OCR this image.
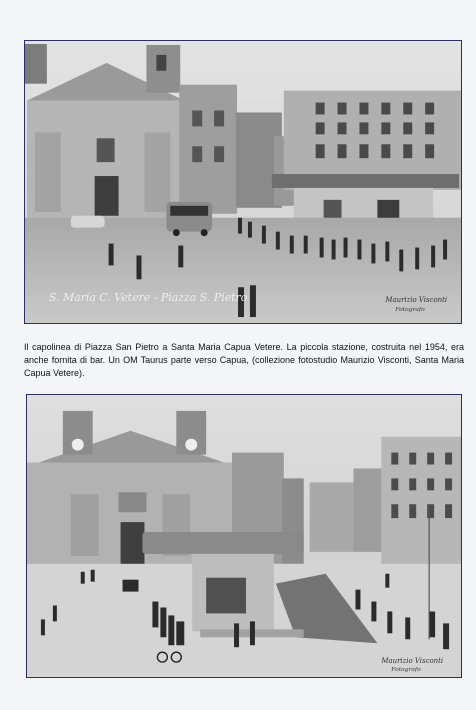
S. Maria C. Vetere - Piazza S. Pietro	Maurizio Visconti
Fotografo
Il capolinea di Piazza San Pietro a Santa Maria Capua Vetere. La piccola stazione, costruita nel 1954, era anche fornita di bar. Un OM Taurus parte verso Capua, (collezione fotostudio Maurizio Visconti, Santa Maria Capua Vetere).
Maurizio Visconti
Fotografo
